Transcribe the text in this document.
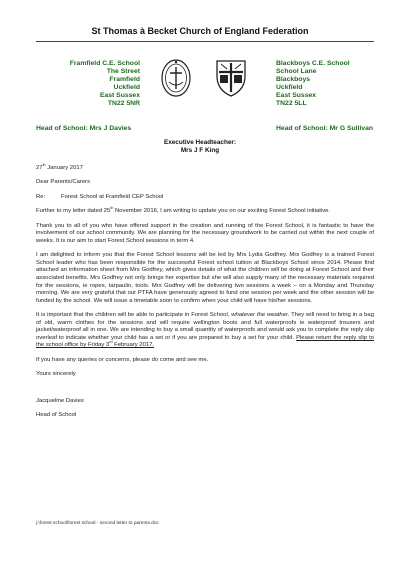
St Thomas à Becket Church of England Federation
Framfield C.E. School
The Street
Framfield
Uckfield
East Sussex
TN22 5NR
Blackboys C.E. School
School Lane
Blackboys
Uckfield
East Sussex
TN22 5LL
Head of School: Mrs J Davies	Head of School: Mr G Sullivan
Executive Headteacher:
Mrs J F King

27th January 2017

Dear Parents/Carers

Re:	Forest School at Framfield CEP School

Further to my letter dated 25th November 2016, I am writing to update you on our exciting Forest School initiative.

Thank you to all of you who have offered support in the creation and running of the Forest School, it is fantastic to have the involvement of our school community. We are planning for the necessary groundwork to be carried out within the next couple of weeks. It is our aim to start Forest School sessions in term 4.

I am delighted to inform you that the Forest School lessons will be led by Mrs Lydia Godfrey. Mrs Godfrey is a trained Forest School leader who has been responsible for the successful Forest school tuition at Blackboys School since 2014. Please find attached an information sheet from Mrs Godfrey, which gives details of what the children will be doing at Forest School and their associated benefits. Mrs Godfrey not only brings her expertise but she will also supply many of the necessary materials required for the sessions, ie ropes, tarpaulin, tools. Mrs Godfrey will be delivering two sessions a week – on a Monday and Thursday morning. We are very grateful that our PTFA have generously agreed to fund one session per week and the other session will be funded by the school. We will issue a timetable soon to confirm when your child will have his/her sessions.

It is important that the children will be able to participate in Forest School, whatever the weather. They will need to bring in a bag of old, warm clothes for the sessions and will require wellington boots and full waterproofs ie waterproof trousers and jacket/waterproof all in one. We are intending to buy a small quantity of waterproofs and would ask you to complete the reply slip overleaf to indicate whether your child has a set or if you are prepared to buy a set for your child. Please return the reply slip to the school office by Friday 3rd February 2017.

If you have any queries or concerns, please do come and see me.

Yours sincerely

Jacqueline Davies

Head of School

j:\forest school\forest school - second letter to parents.doc
